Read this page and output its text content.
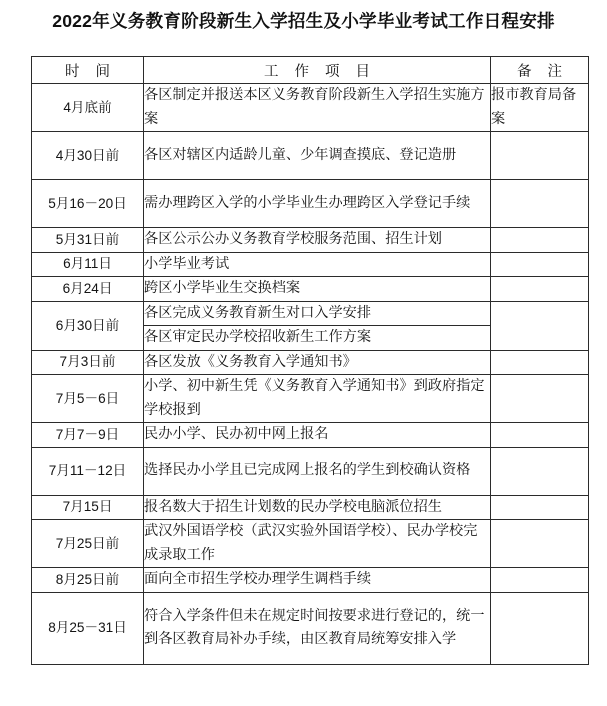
2022年义务教育阶段新生入学招生及小学毕业考试工作日程安排
时 间	工 作 项 目	备 注
4月底前	各区制定并报送本区义务教育阶段新生入学招生实施方案	报市教育局备案
4月30日前	各区对辖区内适龄儿童、少年调查摸底、登记造册	
5月16－20日	需办理跨区入学的小学毕业生办理跨区入学登记手续	
5月31日前	各区公示公办义务教育学校服务范围、招生计划	
6月11日	小学毕业考试	
6月24日	跨区小学毕业生交换档案	
6月30日前	各区完成义务教育新生对口入学安排	
	各区审定民办学校招收新生工作方案	
7月3日前	各区发放《义务教育入学通知书》	
7月5－6日	小学、初中新生凭《义务教育入学通知书》到政府指定学校报到	
7月7－9日	民办小学、民办初中网上报名	
7月11－12日	选择民办小学且已完成网上报名的学生到校确认资格	
7月15日	报名数大于招生计划数的民办学校电脑派位招生	
7月25日前	武汉外国语学校（武汉实验外国语学校）、民办学校完成录取工作	
8月25日前	面向全市招生学校办理学生调档手续	
8月25－31日	符合入学条件但未在规定时间按要求进行登记的，统一到各区教育局补办手续，由区教育局统筹安排入学	
